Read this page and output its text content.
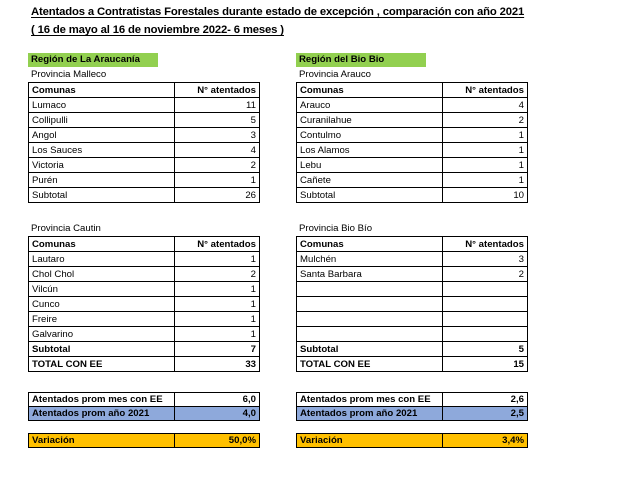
Atentados a Contratistas Forestales durante estado de excepción , comparación con año 2021
( 16 de mayo al 16 de noviembre 2022- 6 meses )
Región de La Araucanía
Provincia Malleco
Comunas	N° atentados
Lumaco	11
Collipulli	5
Angol	3
Los Sauces	4
Victoria	2
Purén	1
Subtotal	26
Provincia Cautin
Comunas	N° atentados
Lautaro	1
Chol Chol	2
Vilcún	1
Cunco	1
Freire	1
Galvarino	1
Subtotal	7
TOTAL CON EE	33
Atentados prom mes con EE	6,0
Atentados prom año 2021	4,0
Variación	50,0%
Región del Bio Bio
Provincia Arauco
Comunas	N° atentados
Arauco	4
Curanilahue	2
Contulmo	1
Los Alamos	1
Lebu	1
Cañete	1
Subtotal	10
Provincia Bio Bío
Comunas	N° atentados
Mulchén	3
Santa Barbara	2

Subtotal	5
TOTAL CON EE	15
Atentados prom mes con EE	2,6
Atentados prom año 2021	2,5
Variación	3,4%
